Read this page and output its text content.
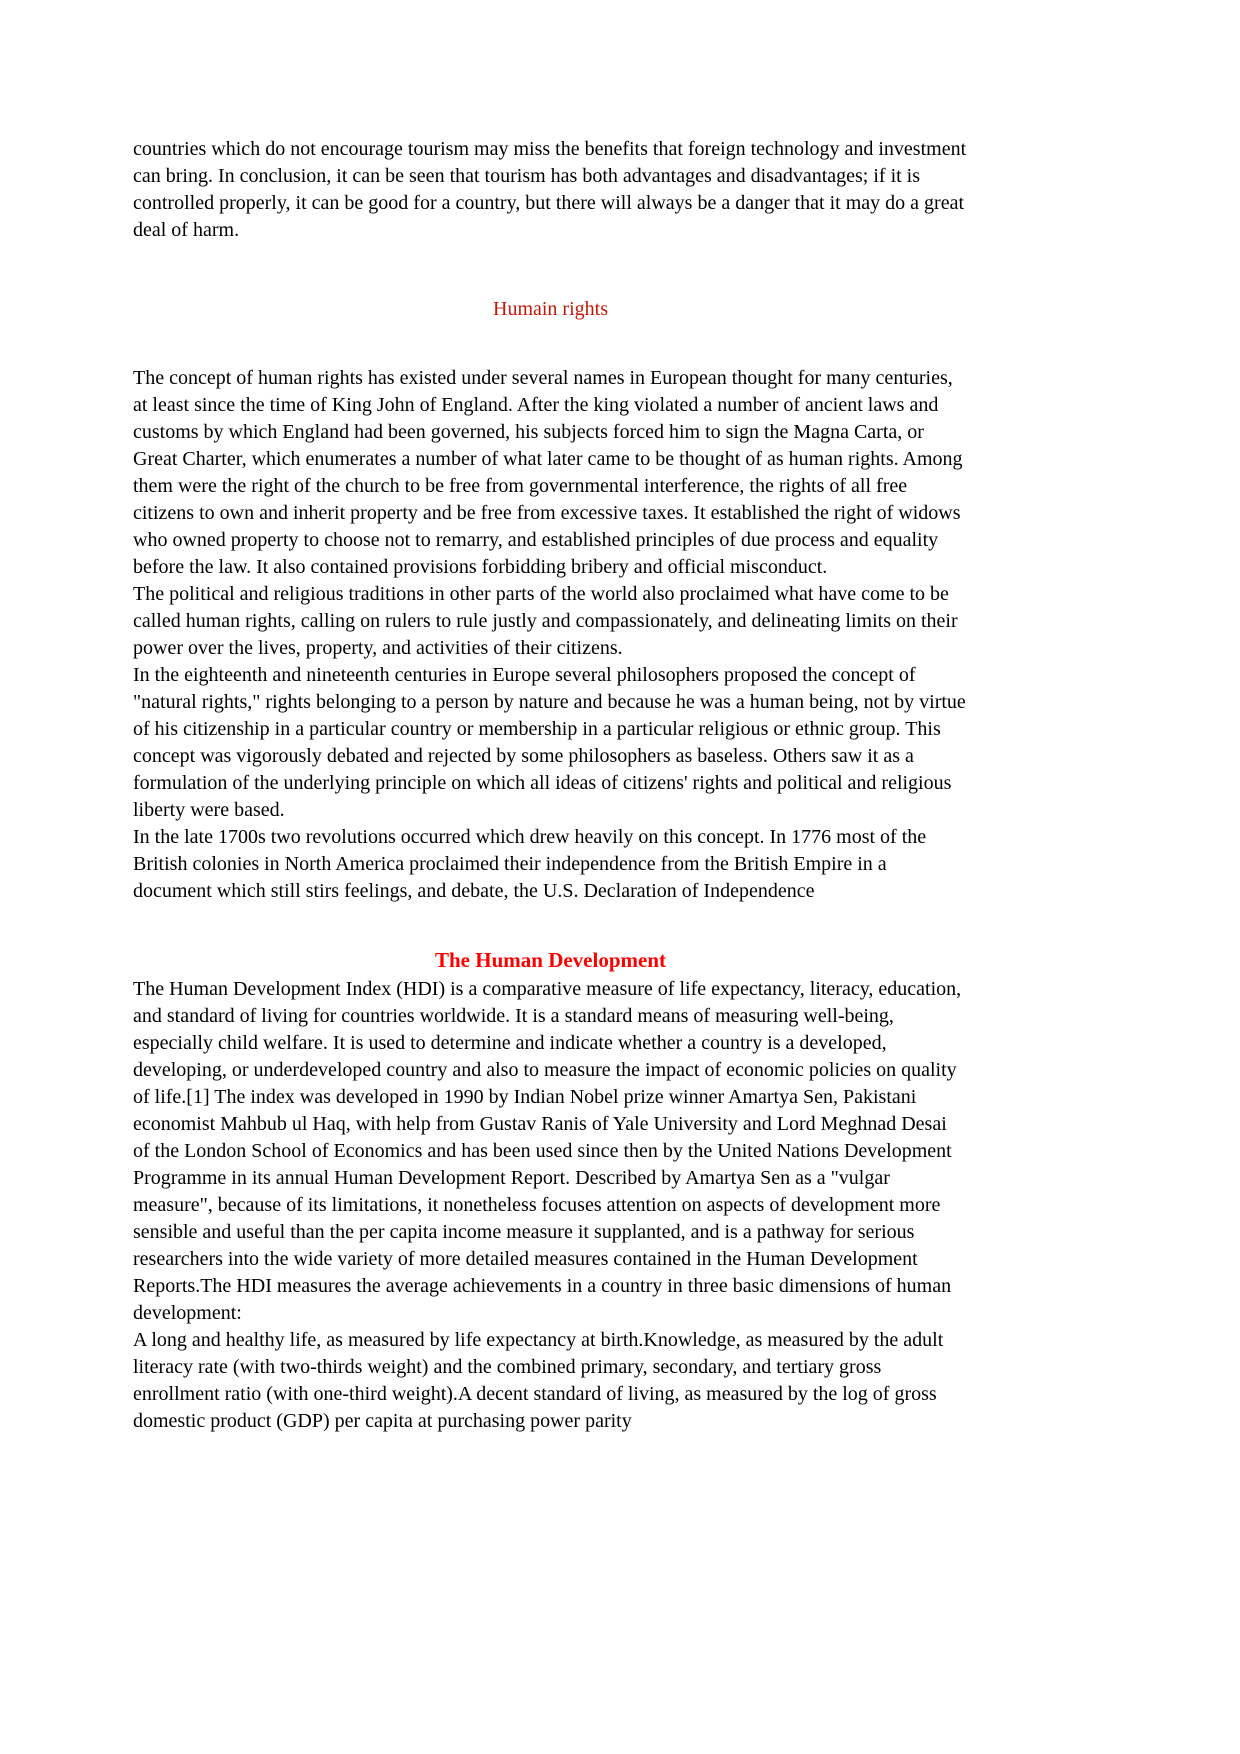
countries which do not encourage tourism may miss the benefits that foreign technology and investment can bring. In conclusion, it can be seen that tourism has both advantages and disadvantages; if it is controlled properly, it can be good for a country, but there will always be a danger that it may do a great deal of harm.

Humain rights

The concept of human rights has existed under several names in European thought for many centuries, at least since the time of King John of England. After the king violated a number of ancient laws and customs by which England had been governed, his subjects forced him to sign the Magna Carta, or Great Charter, which enumerates a number of what later came to be thought of as human rights. Among them were the right of the church to be free from governmental interference, the rights of all free citizens to own and inherit property and be free from excessive taxes. It established the right of widows who owned property to choose not to remarry, and established principles of due process and equality before the law. It also contained provisions forbidding bribery and official misconduct.

The political and religious traditions in other parts of the world also proclaimed what have come to be called human rights, calling on rulers to rule justly and compassionately, and delineating limits on their power over the lives, property, and activities of their citizens.

In the eighteenth and nineteenth centuries in Europe several philosophers proposed the concept of "natural rights," rights belonging to a person by nature and because he was a human being, not by virtue of his citizenship in a particular country or membership in a particular religious or ethnic group. This concept was vigorously debated and rejected by some philosophers as baseless. Others saw it as a formulation of the underlying principle on which all ideas of citizens' rights and political and religious liberty were based.

In the late 1700s two revolutions occurred which drew heavily on this concept. In 1776 most of the British colonies in North America proclaimed their independence from the British Empire in a document which still stirs feelings, and debate, the U.S. Declaration of Independence

The Human Development

The Human Development Index (HDI) is a comparative measure of life expectancy, literacy, education, and standard of living for countries worldwide. It is a standard means of measuring well-being, especially child welfare. It is used to determine and indicate whether a country is a developed, developing, or underdeveloped country and also to measure the impact of economic policies on quality of life.[1] The index was developed in 1990 by Indian Nobel prize winner Amartya Sen, Pakistani economist Mahbub ul Haq, with help from Gustav Ranis of Yale University and Lord Meghnad Desai of the London School of Economics and has been used since then by the United Nations Development Programme in its annual Human Development Report. Described by Amartya Sen as a "vulgar measure", because of its limitations, it nonetheless focuses attention on aspects of development more sensible and useful than the per capita income measure it supplanted, and is a pathway for serious researchers into the wide variety of more detailed measures contained in the Human Development Reports.The HDI measures the average achievements in a country in three basic dimensions of human development:

A long and healthy life, as measured by life expectancy at birth.Knowledge, as measured by the adult literacy rate (with two-thirds weight) and the combined primary, secondary, and tertiary gross enrollment ratio (with one-third weight).A decent standard of living, as measured by the log of gross domestic product (GDP) per capita at purchasing power parity
